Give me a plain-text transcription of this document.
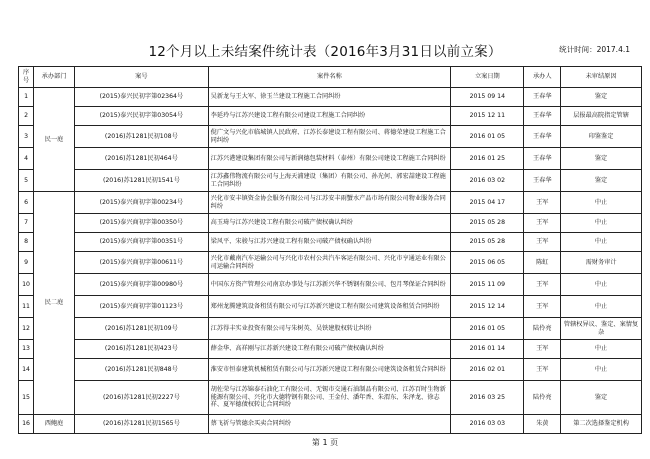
12个月以上未结案件统计表（2016年3月31日以前立案）	统计时间：2017.4.1
序号	承办部门	案号	案件名称	立案日期	承办人	未审结原因
1	民一庭	(2015)泰兴民初字第02364号	吴新龙与王大军、徐玉兰建设工程施工合同纠纷	2015 09 14	王春华	鉴定
2		(2015)泰兴民初字第03054号	李延玲与江苏兴建设工程有限公司建设工程施工合同纠纷	2015 12 11	王春华	层报最高院指定管辖
3		(2016)苏1281民初108号	倪广文与兴化市临城镇人民政府、江苏长泰建设工程有限公司、蒋德荣建设工程施工合同纠纷	2016 01 05	王春华	印鉴鉴定
4		(2016)苏1281民初464号	江苏兴港建设集团有限公司与新润德包装材料（泰州）有限公司建设工程施工合同纠纷	2016 01 25	王春华	鉴定
5		(2016)苏1281民初1541号	江苏鑫伟物流有限公司与上海天浦建设（集团）有限公司、孙光何、郭宏喆建设工程施工合同纠纷	2016 03 02	王春华	鉴定
6	民二庭	(2015)泰兴商初字第00234号	兴化市安丰镇资金协会服务有限公司与江苏安丰雨蟹水产品市场有限公司物业服务合同纠纷	2015 04 17	王军	中止
7		(2015)泰兴商初字第00350号	高玉琦与江苏兴建设工程有限公司破产债权确认纠纷	2015 05 28	王军	中止
8		(2015)泰兴商初字第00351号	梁风平、宋骏与江苏兴建设工程有限公司破产债权确认纠纷	2015 05 28	王军	中止
9		(2015)泰兴商初字第00611号	兴化市戴南汽车运输公司与兴化市农村公共汽车客运有限公司、兴化市亨通运业有限公司运输合同纠纷	2015 06 05	陈虹	需财务审计
10		(2015)泰兴商初字第00980号	中国东方资产管理公司南京办事处与江苏新兴华不锈钢有限公司、包月琴保证合同纠纷	2015 11 09	王军	中止
11		(2015)泰兴商初字第01123号	郑州龙腾建筑设备租赁有限公司与江苏新兴建设工程有限公司建筑设备租赁合同纠纷	2015 12 14	王军	中止
12		(2016)苏1281民初109号	江苏得丰实业投资有限公司与朱树英、吴铁建股权转让纠纷	2016 01 05	陆伶亮	管辖权异议、鉴定、案情复杂
13		(2016)苏1281民初423号	薛金华、高祥刚与江苏新兴建设工程有限公司破产债权确认纠纷	2016 01 14	王军	中止
14		(2016)苏1281民初848号	淮安市恒泰建筑机械租赁有限公司与江苏新兴建设工程有限公司建筑设备租赁合同纠纷	2016 02 01	王军	中止
15		(2016)苏1281民初2227号	胡佐荣与江苏锦泰石油化工有限公司、无锡市交通石油制品有限公司、江苏百时生物新能源有限公司、兴化市大德特钢有限公司、王金付、潘年香、朱渭东、朱泽龙、徐志祥、夏军德债权转让合同纠纷	2016 03 25	陆伶亮	鉴定
16	西鲍庭	(2016)苏1281民初1565号	蔡飞祈与管德余买卖合同纠纷	2016 03 03	朱黄	第二次选择鉴定机构
第 1 页
